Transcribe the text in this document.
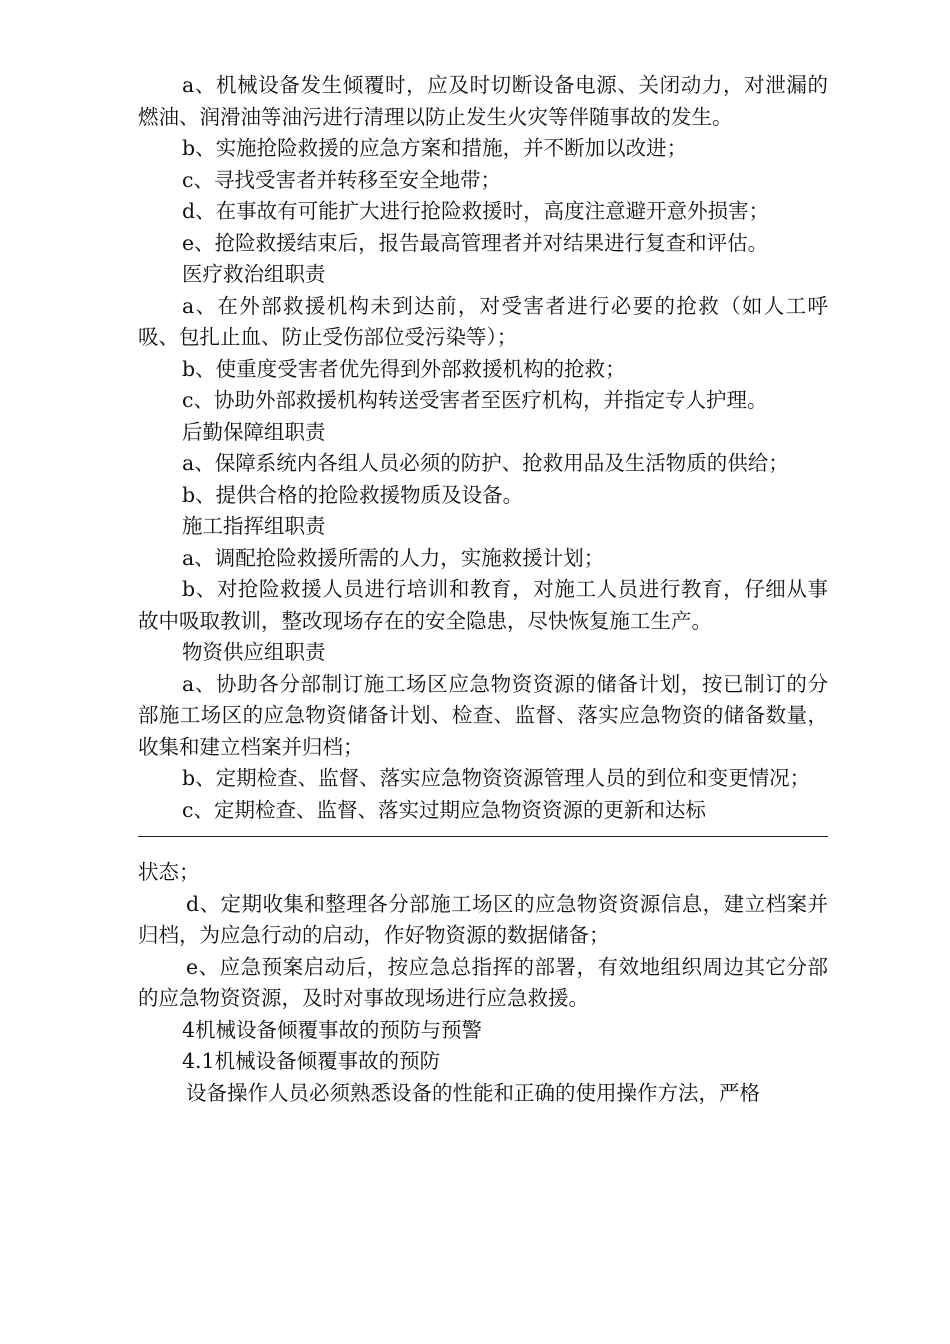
a、机械设备发生倾覆时，应及时切断设备电源、关闭动力，对泄漏的燃油、润滑油等油污进行清理以防止发生火灾等伴随事故的发生。

b、实施抢险救援的应急方案和措施，并不断加以改进；

c、寻找受害者并转移至安全地带；

d、在事故有可能扩大进行抢险救援时，高度注意避开意外损害；

e、抢险救援结束后，报告最高管理者并对结果进行复查和评估。

医疗救治组职责

a、在外部救援机构未到达前，对受害者进行必要的抢救（如人工呼吸、包扎止血、防止受伤部位受污染等）；

b、使重度受害者优先得到外部救援机构的抢救；

c、协助外部救援机构转送受害者至医疗机构，并指定专人护理。

后勤保障组职责

a、保障系统内各组人员必须的防护、抢救用品及生活物质的供给；

b、提供合格的抢险救援物质及设备。

施工指挥组职责

a、调配抢险救援所需的人力，实施救援计划；

b、对抢险救援人员进行培训和教育，对施工人员进行教育，仔细从事故中吸取教训，整改现场存在的安全隐患，尽快恢复施工生产。

物资供应组职责

a、协助各分部制订施工场区应急物资资源的储备计划，按已制订的分部施工场区的应急物资储备计划、检查、监督、落实应急物资的储备数量，收集和建立档案并归档；

b、定期检查、监督、落实应急物资资源管理人员的到位和变更情况；

c、定期检查、监督、落实过期应急物资资源的更新和达标

状态；

d、定期收集和整理各分部施工场区的应急物资资源信息，建立档案并归档，为应急行动的启动，作好物资源的数据储备；

e、应急预案启动后，按应急总指挥的部署，有效地组织周边其它分部的应急物资资源，及时对事故现场进行应急救援。

4机械设备倾覆事故的预防与预警

4.1机械设备倾覆事故的预防

设备操作人员必须熟悉设备的性能和正确的使用操作方法，严格
